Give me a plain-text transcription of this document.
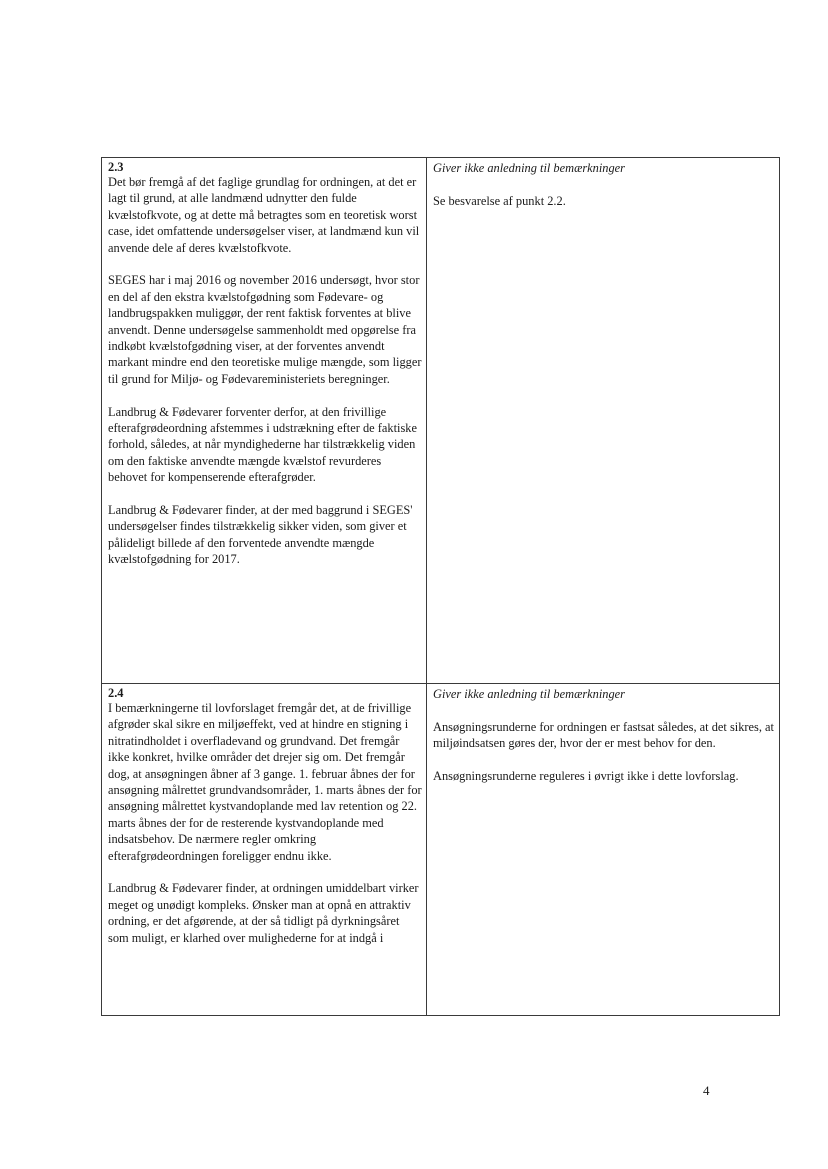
2.3

Det bør fremgå af det faglige grundlag for ordningen, at det er lagt til grund, at alle landmænd udnytter den fulde kvælstofkvote, og at dette må betragtes som en teoretisk worst case, idet omfattende undersøgelser viser, at landmænd kun vil anvende dele af deres kvælstofkvote.

SEGES har i maj 2016 og november 2016 undersøgt, hvor stor en del af den ekstra kvælstofgødning som Fødevare- og landbrugspakken muliggør, der rent faktisk forventes at blive anvendt. Denne undersøgelse sammenholdt med opgørelse fra indkøbt kvælstofgødning viser, at der forventes anvendt markant mindre end den teoretiske mulige mængde, som ligger til grund for Miljø- og Fødevareministeriets beregninger.

Landbrug & Fødevarer forventer derfor, at den frivillige efterafgrødeordning afstemmes i udstrækning efter de faktiske forhold, således, at når myndighederne har tilstrækkelig viden om den faktiske anvendte mængde kvælstof revurderes behovet for kompenserende efterafgrøder.

Landbrug & Fødevarer finder, at der med baggrund i SEGES' undersøgelser findes tilstrækkelig sikker viden, som giver et pålideligt billede af den forventede anvendte mængde kvælstofgødning for 2017.

Giver ikke anledning til bemærkninger

Se besvarelse af punkt 2.2.

2.4

I bemærkningerne til lovforslaget fremgår det, at de frivillige afgrøder skal sikre en miljøeffekt, ved at hindre en stigning i nitratindholdet i overfladevand og grundvand. Det fremgår ikke konkret, hvilke områder det drejer sig om. Det fremgår dog, at ansøgningen åbner af 3 gange. 1. februar åbnes der for ansøgning målrettet grundvandsområder, 1. marts åbnes der for ansøgning målrettet kystvandoplande med lav retention og 22. marts åbnes der for de resterende kystvandoplande med indsatsbehov. De nærmere regler omkring efterafgrødeordningen foreligger endnu ikke.

Landbrug & Fødevarer finder, at ordningen umiddelbart virker meget og unødigt kompleks. Ønsker man at opnå en attraktiv ordning, er det afgørende, at der så tidligt på dyrkningsåret som muligt, er klarhed over mulighederne for at indgå i

Giver ikke anledning til bemærkninger

Ansøgningsrunderne for ordningen er fastsat således, at det sikres, at miljøindsatsen gøres der, hvor der er mest behov for den.

Ansøgningsrunderne reguleres i øvrigt ikke i dette lovforslag.

4
